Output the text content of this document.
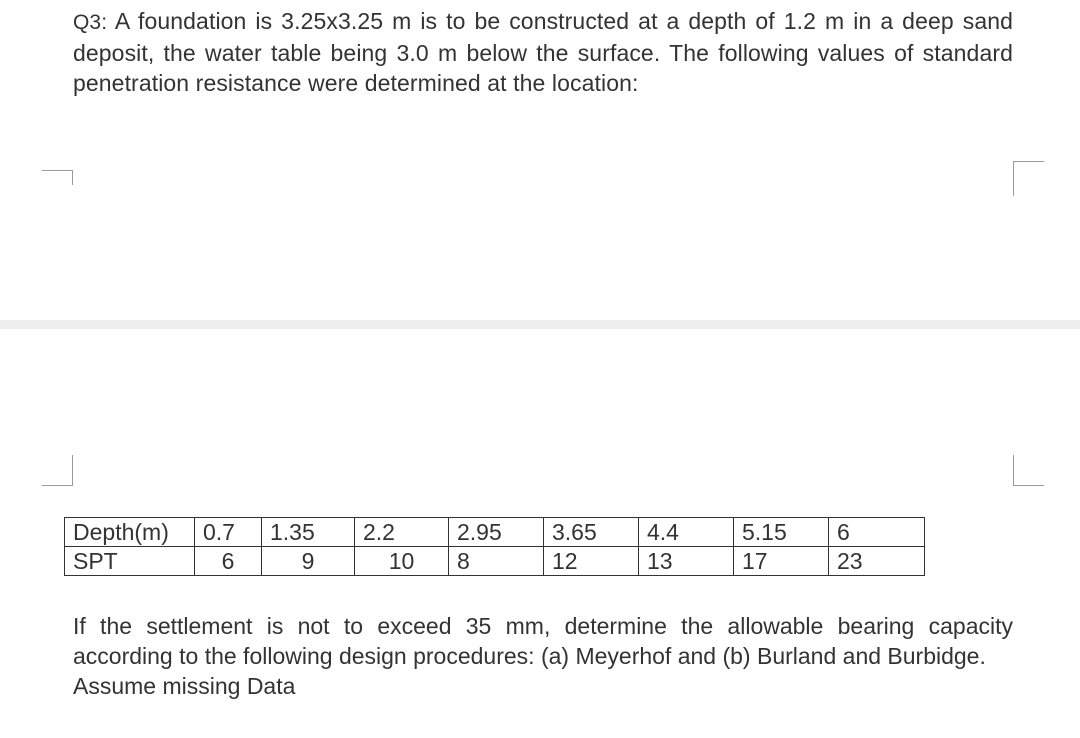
Q3: A foundation is 3.25x3.25 m is to be constructed at a depth of 1.2 m in a deep sand deposit, the water table being 3.0 m below the surface. The following values of standard penetration resistance were determined at the location:
Depth(m)	0.7	1.35	2.2	2.95	3.65	4.4	5.15	6
SPT	6	9	10	8	12	13	17	23

If the settlement is not to exceed 35 mm, determine the allowable bearing capacity according to the following design procedures: (a) Meyerhof and (b) Burland and Burbidge.

Assume missing Data
